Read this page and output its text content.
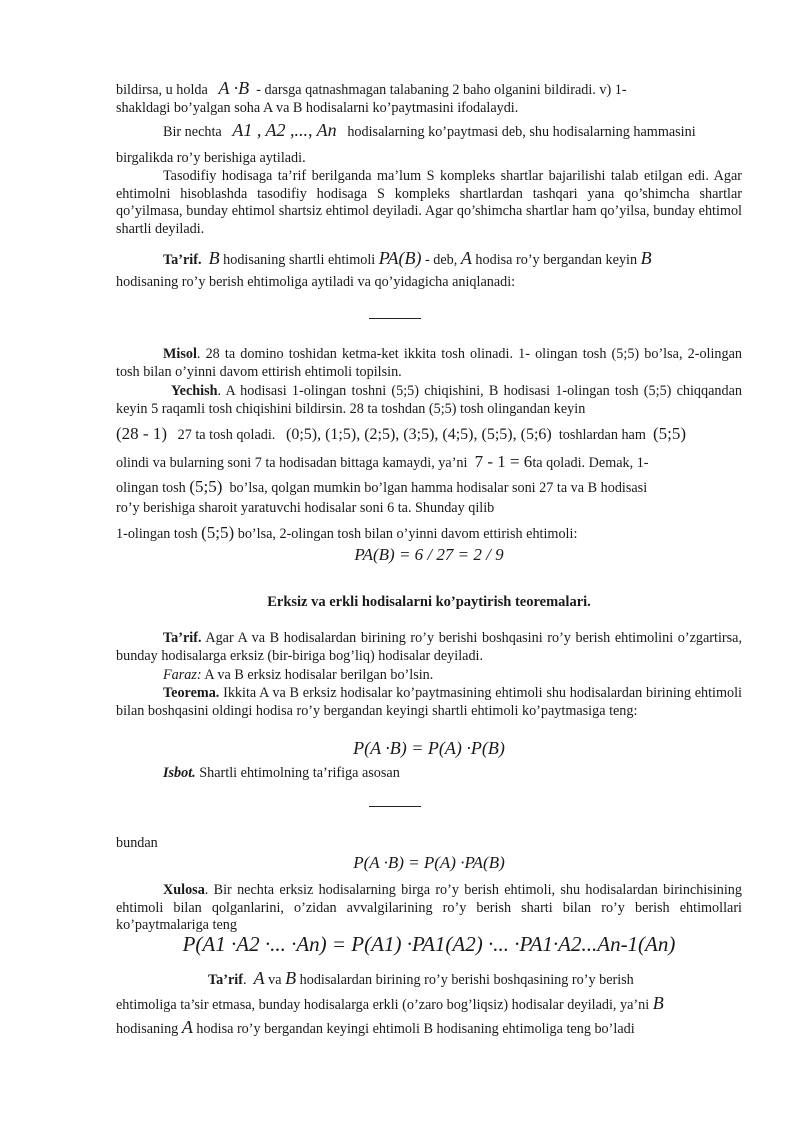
bildirsa, u holda A ·B - darsga qatnashmagan talabaning 2 baho olganini bildiradi. v) 1-
shakldagi bo’yalgan soha A va B hodisalarni ko’paytmasini ifodalaydi.
Bir nechta A1 , A2 ,..., An hodisalarning ko’paytmasi deb, shu hodisalarning hammasini
birgalikda ro’y berishiga aytiladi.
Tasodifiy hodisaga ta’rif berilganda ma’lum S kompleks shartlar bajarilishi talab etilgan edi. Agar ehtimolni hisoblashda tasodifiy hodisaga S kompleks shartlardan tashqari yana qo’shimcha shartlar qo’yilmasa, bunday ehtimol shartsiz ehtimol deyiladi. Agar qo’shimcha shartlar ham qo’yilsa, bunday ehtimol shartli deyiladi.
Ta’rif. B hodisaning shartli ehtimoli PA(B) - deb, A hodisa ro’y bergandan keyin B
hodisaning ro’y berish ehtimoliga aytiladi va qo’yidagicha aniqlanadi:
Misol. 28 ta domino toshidan ketma-ket ikkita tosh olinadi. 1- olingan tosh (5;5) bo’lsa, 2-olingan tosh bilan o’yinni davom ettirish ehtimoli topilsin.
Yechish. A hodisasi 1-olingan toshni (5;5) chiqishini, B hodisasi 1-olingan tosh (5;5) chiqqandan keyin 5 raqamli tosh chiqishini bildirsin. 28 ta toshdan (5;5) tosh olingandan keyin
(28 - 1) 27 ta tosh qoladi. (0;5), (1;5), (2;5), (3;5), (4;5), (5;5), (5;6) toshlardan ham (5;5)
olindi va bularning soni 7 ta hodisadan bittaga kamaydi, ya’ni 7 - 1 = 6ta qoladi. Demak, 1-
olingan tosh (5;5) bo’lsa, qolgan mumkin bo’lgan hamma hodisalar soni 27 ta va B hodisasi
ro’y berishiga sharoit yaratuvchi hodisalar soni 6 ta. Shunday qilib
1-olingan tosh (5;5) bo’lsa, 2-olingan tosh bilan o’yinni davom ettirish ehtimoli:
PA(B) = 6 / 27 = 2 / 9
Erksiz va erkli hodisalarni ko’paytirish teoremalari.
Ta’rif. Agar A va B hodisalardan birining ro’y berishi boshqasini ro’y berish ehtimolini o’zgartirsa, bunday hodisalarga erksiz (bir-biriga bog’liq) hodisalar deyiladi.
Faraz: A va B erksiz hodisalar berilgan bo’lsin.
Teorema. Ikkita A va B erksiz hodisalar ko’paytmasining ehtimoli shu hodisalardan birining ehtimoli bilan boshqasini oldingi hodisa ro’y bergandan keyingi shartli ehtimoli ko’paytmasiga teng:
P(A ·B) = P(A) ·P(B)
Isbot. Shartli ehtimolning ta’rifiga asosan
bundan
P(A ·B) = P(A) ·PA(B)
Xulosa. Bir nechta erksiz hodisalarning birga ro’y berish ehtimoli, shu hodisalardan birinchisining ehtimoli bilan qolganlarini, o’zidan avvalgilarining ro’y berish sharti bilan ro’y berish ehtimollari ko’paytmalariga teng
P(A1 ·A2 ·... ·An) = P(A1) ·PA1(A2) ·... ·PA1·A2...An-1(An)
Ta’rif.  A va B hodisalardan birining ro’y berishi boshqasining ro’y berish
ehtimoliga ta’sir etmasa, bunday hodisalarga erkli (o’zaro bog’liqsiz) hodisalar deyiladi, ya’ni B
hodisaning A hodisa ro’y bergandan keyingi ehtimoli B hodisaning ehtimoliga teng bo’ladi
